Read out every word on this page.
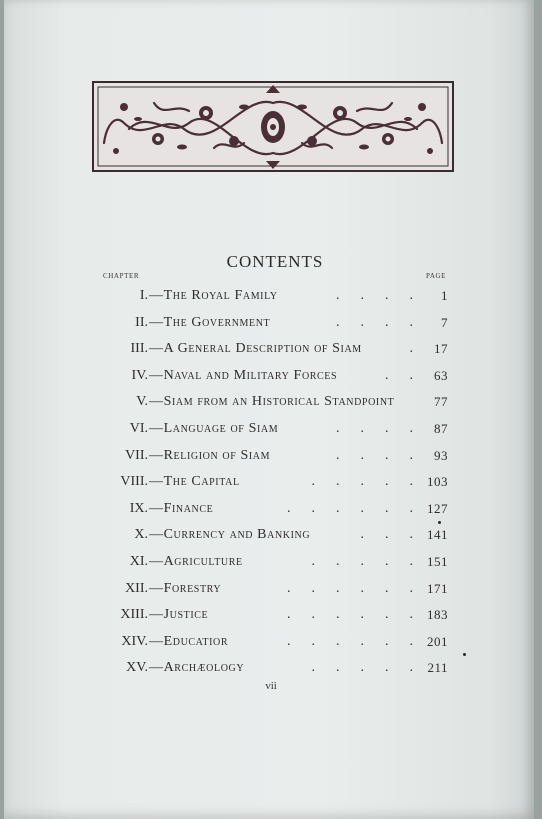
CONTENTS
CHAPTER	PAGE
I. —The Royal Family	1
.      .      .      .
II. —The Government	7
.      .      .      .
III. —A General Description of Siam	17
.
IV. —Naval and Military Forces	63
.      .
V. —Siam from an Historical Standpoint	77
VI. —Language of Siam	87
.      .      .      .
VII. —Religion of Siam	93
.      .      .      .
VIII. —The Capital	103
.      .      .      .      .
IX. —Finance	127
.      .      .      .      .      .
X. —Currency and Banking	141
.      .      .
XI. —Agriculture	151
.      .      .      .      .
XII. —Forestry	171
.      .      .      .      .      .
XIII. —Justice	183
.      .      .      .      .      .
XIV. —Educatior	201
.      .      .      .      .      .
XV. —Archæology	211
.      .      .      .      .
vii
